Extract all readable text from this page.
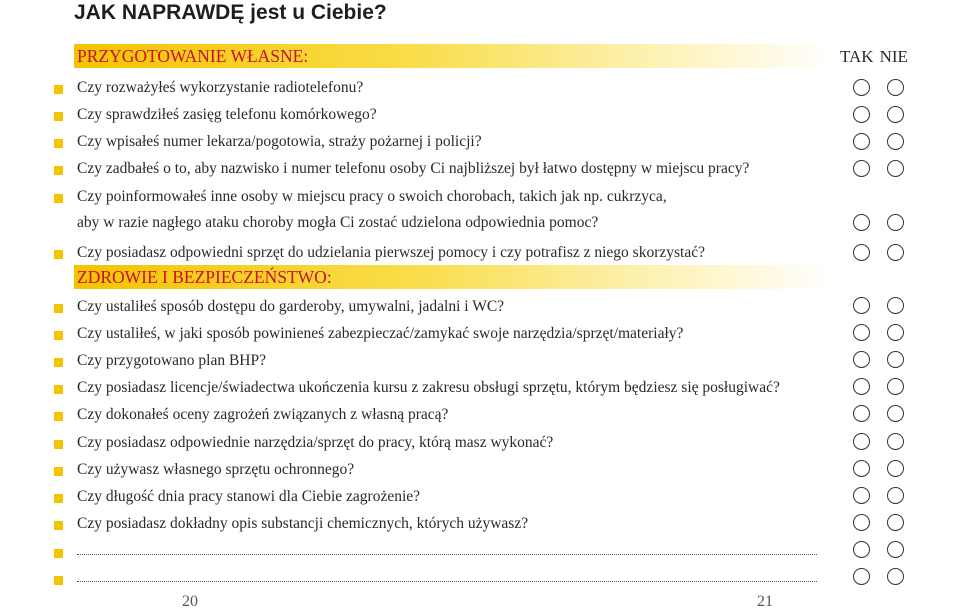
JAK NAPRAWDĘ jest u Ciebie?
PRZYGOTOWANIE WŁASNE:	TAK NIE
Czy rozważyłeś wykorzystanie radiotelefonu?
Czy sprawdziłeś zasięg telefonu komórkowego?
Czy wpisałeś numer lekarza/pogotowia, straży pożarnej i policji?
Czy zadbałeś o to, aby nazwisko i numer telefonu osoby Ci najbliższej był łatwo dostępny w miejscu pracy?
Czy poinformowałeś inne osoby w miejscu pracy o swoich chorobach, takich jak np. cukrzyca,
aby w razie nagłego ataku choroby mogła Ci zostać udzielona odpowiednia pomoc?
Czy posiadasz odpowiedni sprzęt do udzielania pierwszej pomocy i czy potrafisz z niego skorzystać?
ZDROWIE I BEZPIECZEŃSTWO:
Czy ustaliłeś sposób dostępu do garderoby, umywalni, jadalni i WC?
Czy ustaliłeś, w jaki sposób powinieneś zabezpieczać/zamykać swoje narzędzia/sprzęt/materiały?
Czy przygotowano plan BHP?
Czy posiadasz licencje/świadectwa ukończenia kursu z zakresu obsługi sprzętu, którym będziesz się posługiwać?
Czy dokonałeś oceny zagrożeń związanych z własną pracą?
Czy posiadasz odpowiednie narzędzia/sprzęt do pracy, którą masz wykonać?
Czy używasz własnego sprzętu ochronnego?
Czy długość dnia pracy stanowi dla Ciebie zagrożenie?
Czy posiadasz dokładny opis substancji chemicznych, których używasz?
20	21
